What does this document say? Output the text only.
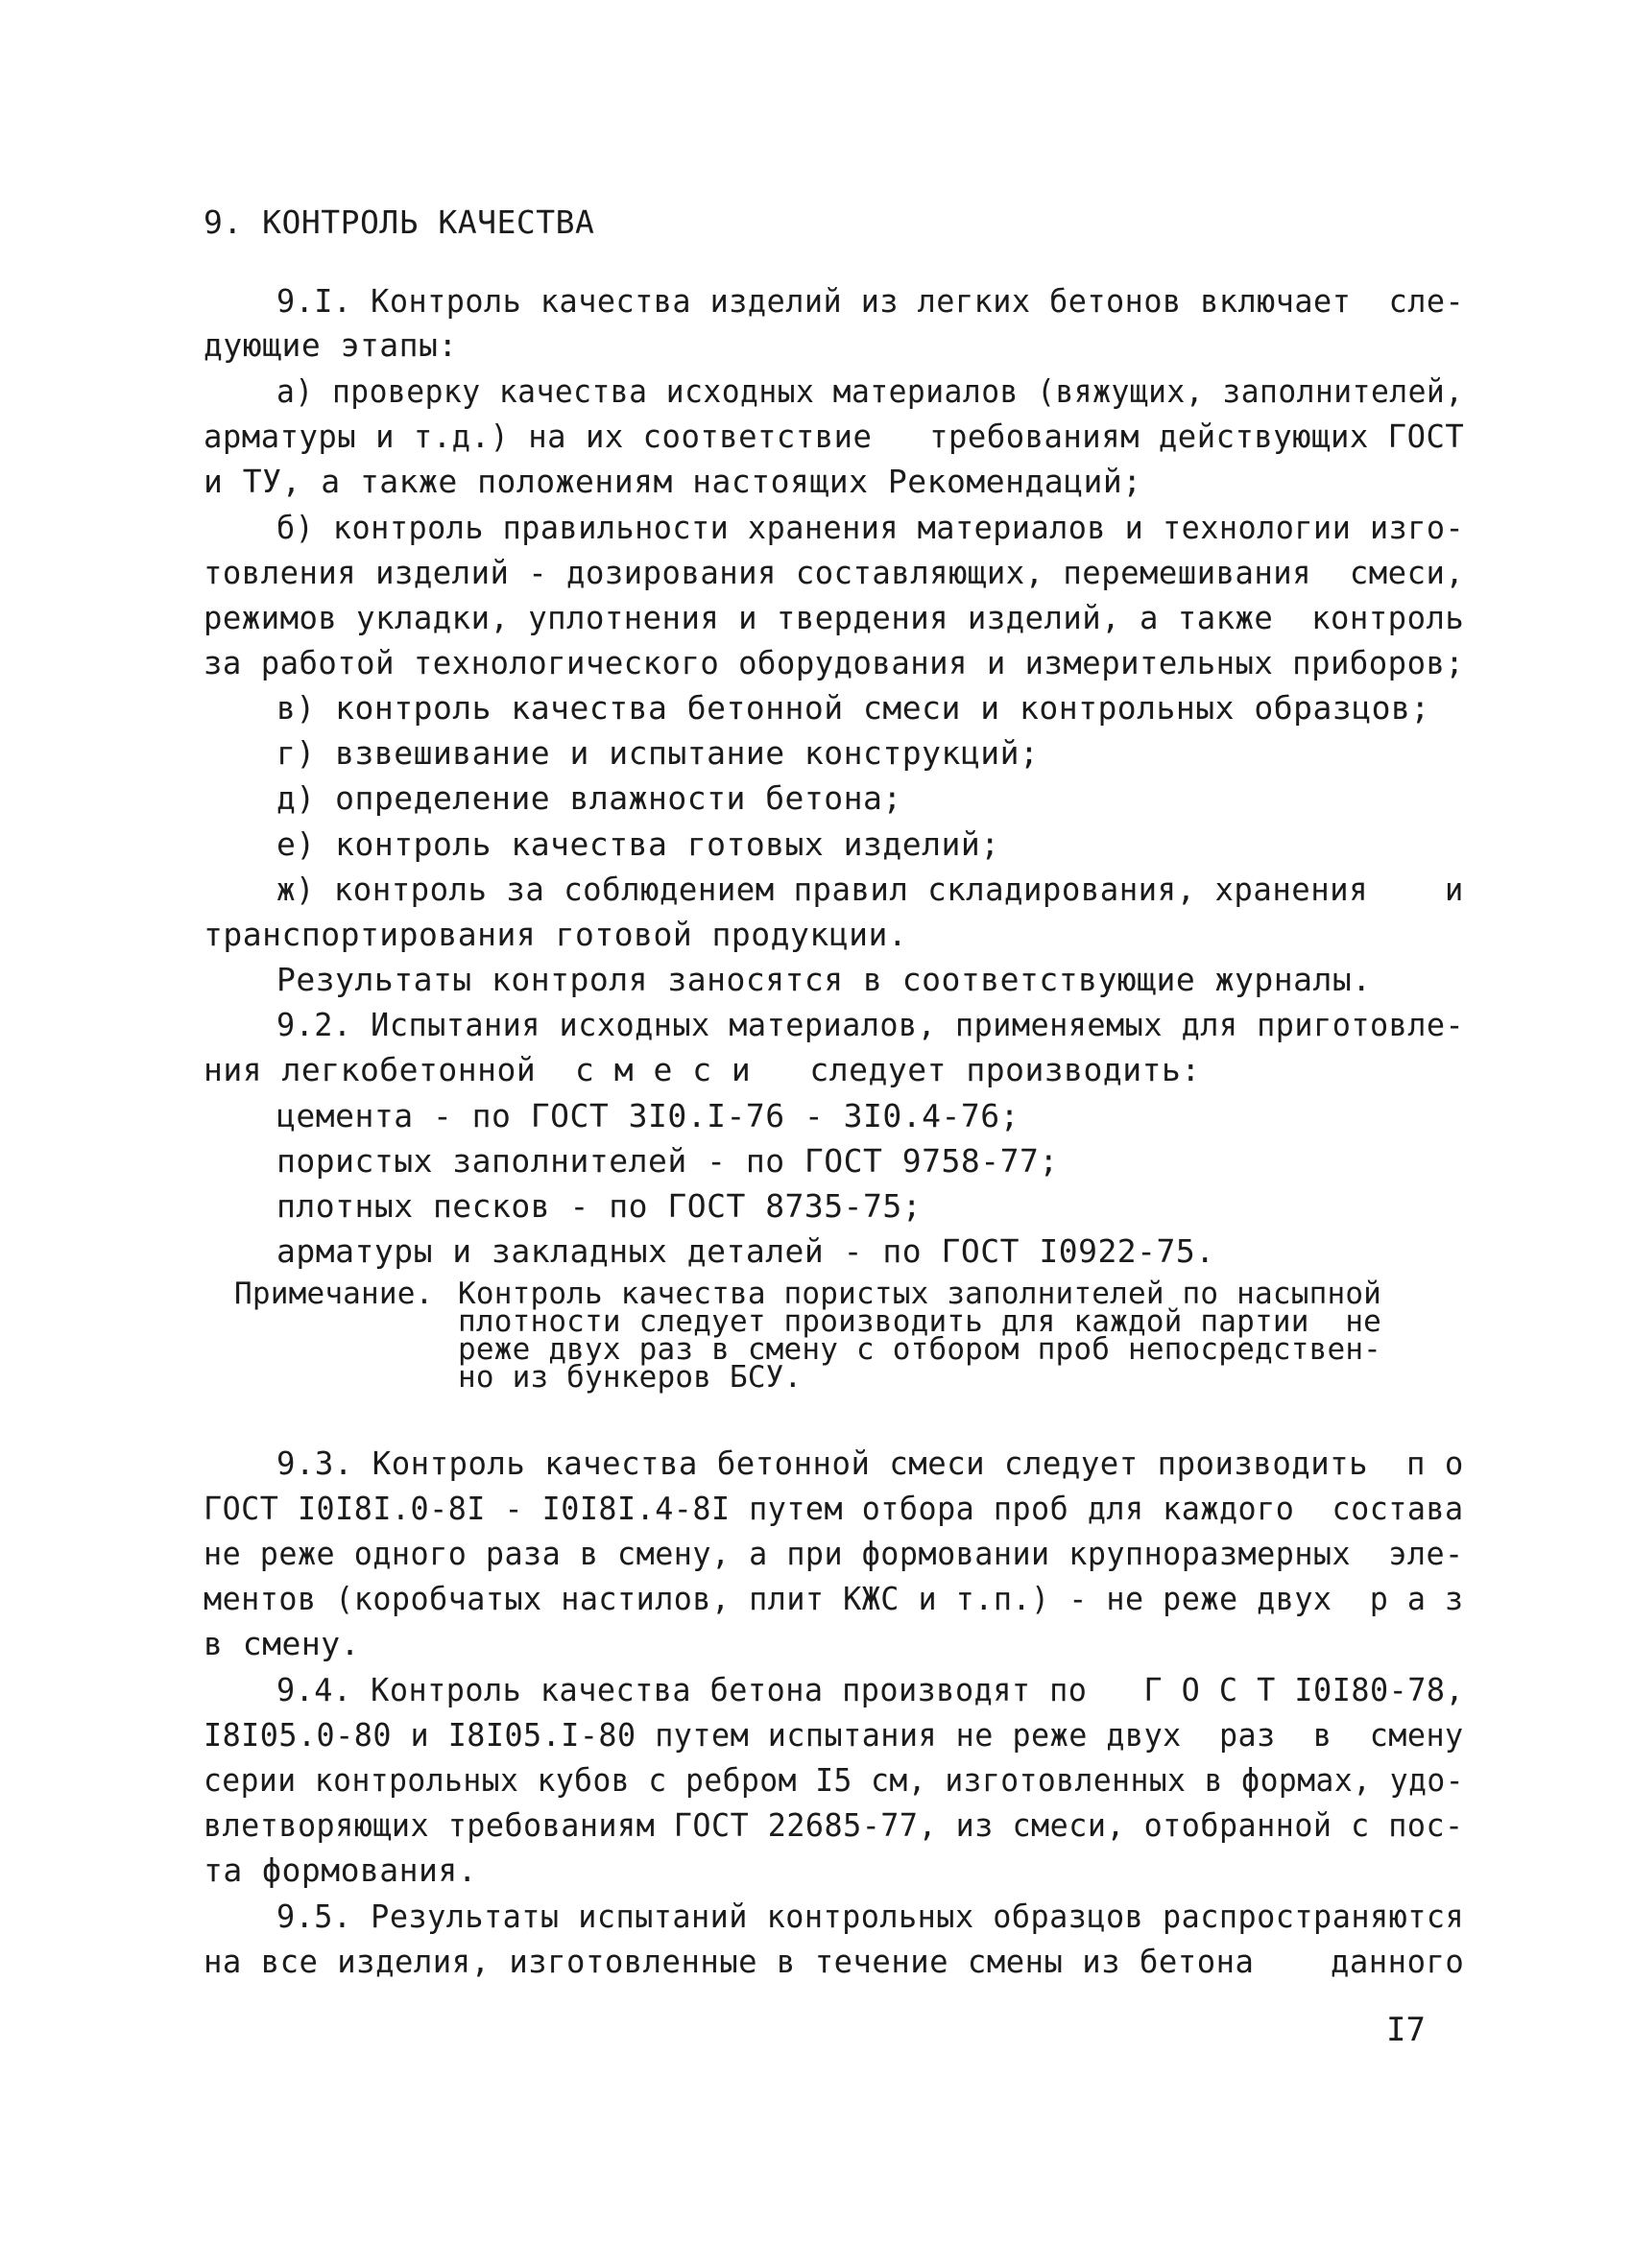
9. КОНТРОЛЬ КАЧЕСТВА
9.I. Контроль качества изделий из легких бетонов включает  сле-
дующие этапы:
а) проверку качества исходных материалов (вяжущих, заполнителей,
арматуры и т.д.) на их соответствие   требованиям действующих ГОСТ
и ТУ, а также положениям настоящих Рекомендаций;
б) контроль правильности хранения материалов и технологии изго-
товления изделий - дозирования составляющих, перемешивания  смеси,
режимов укладки, уплотнения и твердения изделий, а также  контроль
за работой технологического оборудования и измерительных приборов;
в) контроль качества бетонной смеси и контрольных образцов;
г) взвешивание и испытание конструкций;
д) определение влажности бетона;
е) контроль качества готовых изделий;
ж) контроль за соблюдением правил складирования, хранения    и
транспортирования готовой продукции.
Результаты контроля заносятся в соответствующие журналы.
9.2. Испытания исходных материалов, применяемых для приготовле-
ния легкобетонной  с м е с и   следует производить:
цемента - по ГОСТ 3I0.I-76 - 3I0.4-76;
пористых заполнителей - по ГОСТ 9758-77;
плотных песков - по ГОСТ 8735-75;
арматуры и закладных деталей - по ГОСТ I0922-75.
Примечание. Контроль качества пористых заполнителей по насыпной
плотности следует производить для каждой партии  не
реже двух раз в смену с отбором проб непосредствен-
но из бункеров БСУ.
9.3. Контроль качества бетонной смеси следует производить  п о
ГОСТ I0I8I.0-8I - I0I8I.4-8I путем отбора проб для каждого  состава
не реже одного раза в смену, а при формовании крупноразмерных  эле-
ментов (коробчатых настилов, плит КЖС и т.п.) - не реже двух  р а з
в смену.
9.4. Контроль качества бетона производят по   Г О С Т I0I80-78,
I8I05.0-80 и I8I05.I-80 путем испытания не реже двух  раз  в  смену
серии контрольных кубов с ребром I5 см, изготовленных в формах, удо-
влетворяющих требованиям ГОСТ 22685-77, из смеси, отобранной с пос-
та формования.
9.5. Результаты испытаний контрольных образцов распространяются
на все изделия, изготовленные в течение смены из бетона    данного
I7
